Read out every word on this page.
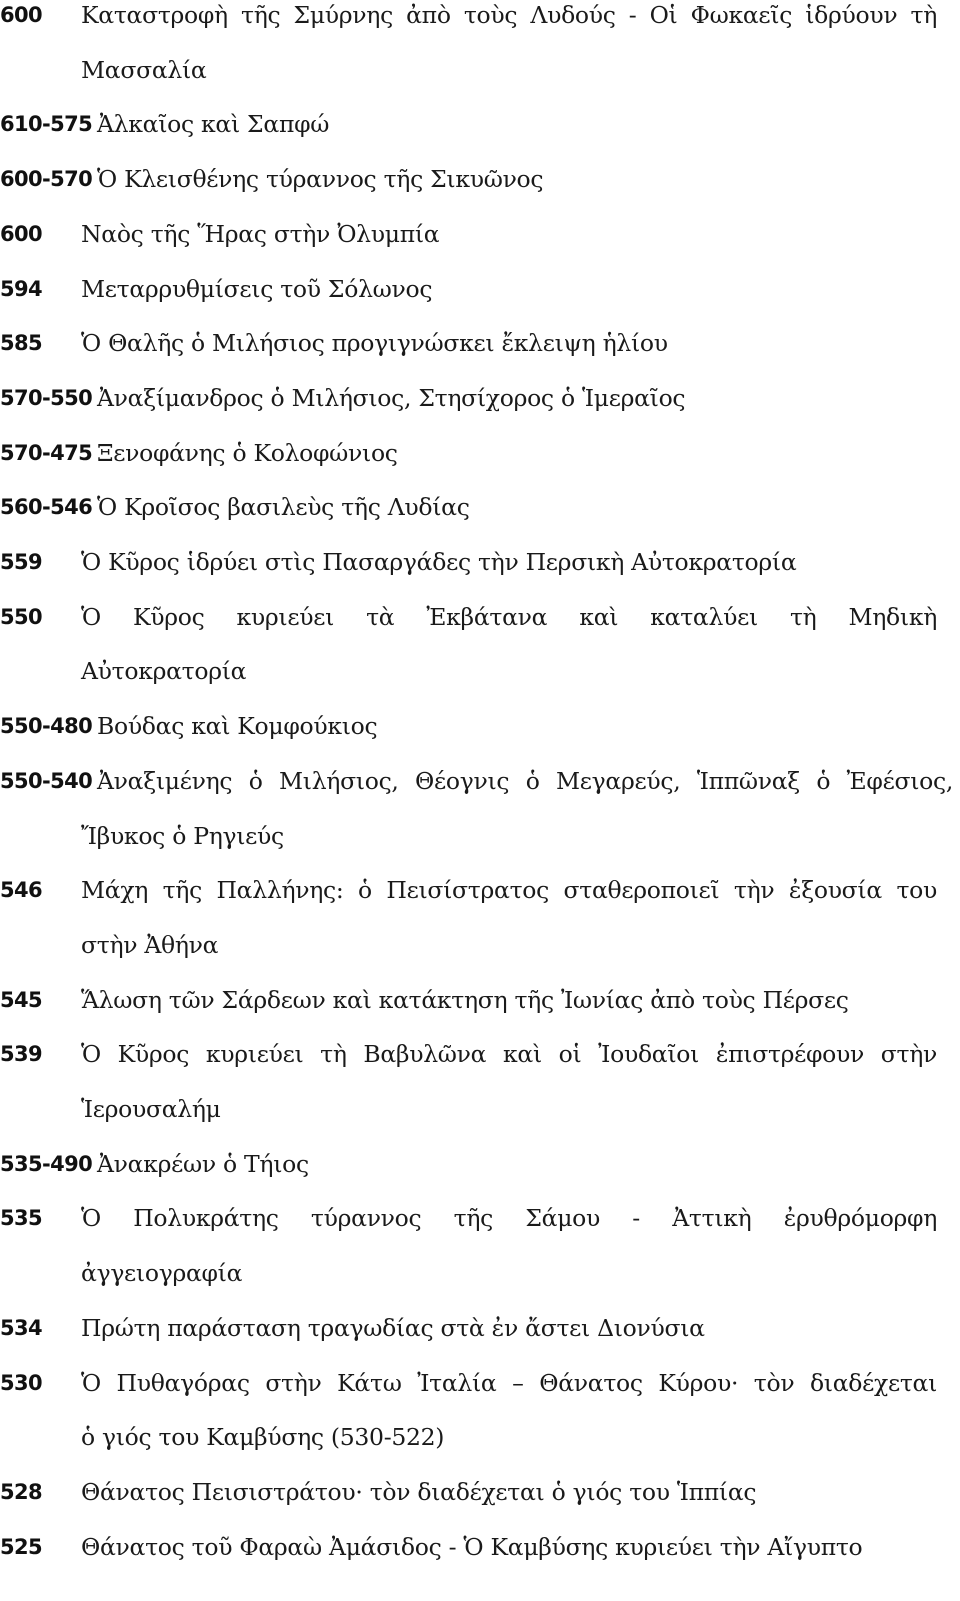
600 Καταστροφὴ τῆς Σμύρνης ἀπὸ τοὺς Λυδούς - Οἱ Φωκαεῖς ἱδρύουν τὴ
Μασσαλία
610-575 Ἀλκαῖος καὶ Σαπφώ
600-570 Ὁ Κλεισθένης τύραννος τῆς Σικυῶνος
600 Ναὸς τῆς Ἥρας στὴν Ὀλυμπία
594 Μεταρρυθμίσεις τοῦ Σόλωνος
585 Ὁ Θαλῆς ὁ Μιλήσιος προγιγνώσκει ἔκλειψη ἡλίου
570-550 Ἀναξίμανδρος ὁ Μιλήσιος, Στησίχορος ὁ Ἱμεραῖος
570-475 Ξενοφάνης ὁ Κολοφώνιος
560-546 Ὁ Κροῖσος βασιλεὺς τῆς Λυδίας
559 Ὁ Κῦρος ἱδρύει στὶς Πασαργάδες τὴν Περσικὴ Αὐτοκρατορία
550 Ὁ Κῦρος κυριεύει τὰ Ἐκβάτανα καὶ καταλύει τὴ Μηδικὴ
Αὐτοκρατορία
550-480 Βούδας καὶ Κομφούκιος
550-540 Ἀναξιμένης ὁ Μιλήσιος, Θέογνις ὁ Μεγαρεύς, Ἱππῶναξ ὁ Ἐφέσιος,
Ἴβυκος ὁ Ρηγιεύς
546 Μάχη τῆς Παλλήνης: ὁ Πεισίστρατος σταθεροποιεῖ τὴν ἐξουσία του
στὴν Ἀθήνα
545 Ἅλωση τῶν Σάρδεων καὶ κατάκτηση τῆς Ἰωνίας ἀπὸ τοὺς Πέρσες
539 Ὁ Κῦρος κυριεύει τὴ Βαβυλῶνα καὶ οἱ Ἰουδαῖοι ἐπιστρέφουν στὴν
Ἱερουσαλήμ
535-490 Ἀνακρέων ὁ Τήιος
535 Ὁ Πολυκράτης τύραννος τῆς Σάμου - Ἀττικὴ ἐρυθρόμορφη
ἀγγειογραφία
534 Πρώτη παράσταση τραγωδίας στὰ ἐν ἄστει Διονύσια
530 Ὁ Πυθαγόρας στὴν Κάτω Ἰταλία – Θάνατος Κύρου· τὸν διαδέχεται
ὁ γιός του Καμβύσης (530-522)
528 Θάνατος Πεισιστράτου· τὸν διαδέχεται ὁ γιός του Ἱππίας
525 Θάνατος τοῦ Φαραὼ Ἀμάσιδος - Ὁ Καμβύσης κυριεύει τὴν Αἴγυπτο
